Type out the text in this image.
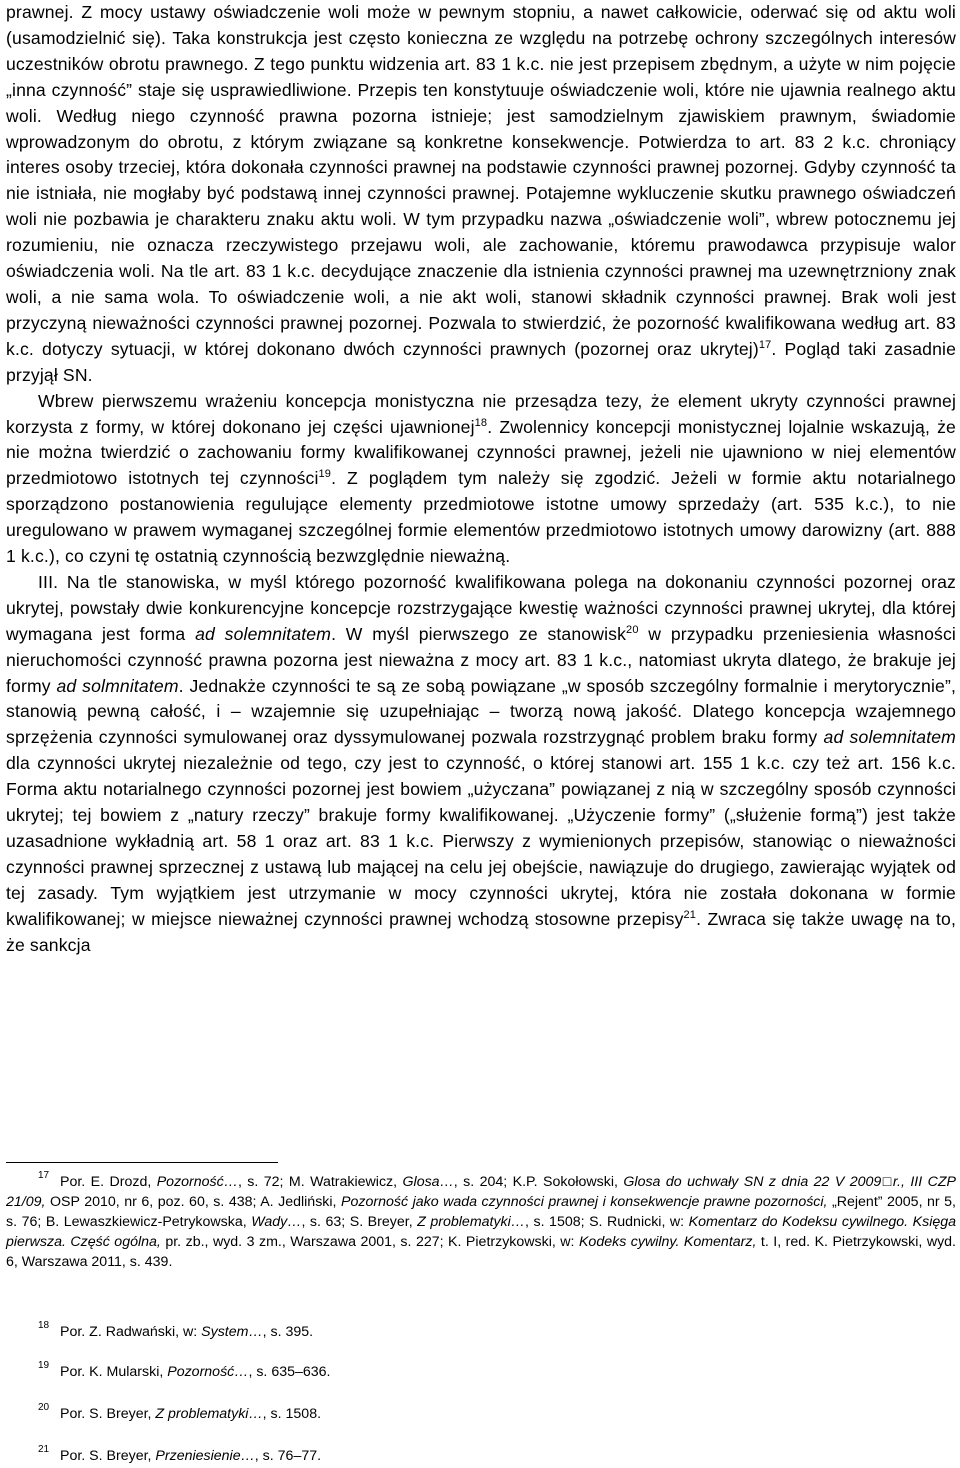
prawnej. Z mocy ustawy oświadczenie woli może w pewnym stopniu, a nawet całkowicie, oderwać się od aktu woli (usamodzielnić się). Taka konstrukcja jest często konieczna ze względu na potrzebę ochrony szczególnych interesów uczestników obrotu prawnego. Z tego punktu widzenia art. 83 1 k.c. nie jest przepisem zbędnym, a użyte w nim pojęcie „inna czynność” staje się usprawiedliwione. Przepis ten konstytuuje oświadczenie woli, które nie ujawnia realnego aktu woli. Według niego czynność prawna pozorna istnieje; jest samodzielnym zjawiskiem prawnym, świadomie wprowadzonym do obrotu, z którym związane są konkretne konsekwencje. Potwierdza to art. 83 2 k.c. chroniący interes osoby trzeciej, która dokonała czynności prawnej na podstawie czynności prawnej pozornej. Gdyby czynność ta nie istniała, nie mogłaby być podstawą innej czynności prawnej. Potajemne wykluczenie skutku prawnego oświadczeń woli nie pozbawia je charakteru znaku aktu woli. W tym przypadku nazwa „oświadczenie woli”, wbrew potocznemu jej rozumieniu, nie oznacza rzeczywistego przejawu woli, ale zachowanie, któremu prawodawca przypisuje walor oświadczenia woli. Na tle art. 83 1 k.c. decydujące znaczenie dla istnienia czynności prawnej ma uzewnętrzniony znak woli, a nie sama wola. To oświadczenie woli, a nie akt woli, stanowi składnik czynności prawnej. Brak woli jest przyczyną nieważności czynności prawnej pozornej. Pozwala to stwierdzić, że pozorność kwalifikowana według art. 83 k.c. dotyczy sytuacji, w której dokonano dwóch czynności prawnych (pozornej oraz ukrytej)$^{17}$. Pogląd taki zasadnie przyjął SN.

Wbrew pierwszemu wrażeniu koncepcja monistyczna nie przesądza tezy, że element ukryty czynności prawnej korzysta z formy, w której dokonano jej części ujawnionej$^{18}$. Zwolennicy koncepcji monistycznej lojalnie wskazują, że nie można twierdzić o zachowaniu formy kwalifikowanej czynności prawnej, jeżeli nie ujawniono w niej elementów przedmiotowo istotnych tej czynności$^{19}$. Z poglądem tym należy się zgodzić. Jeżeli w formie aktu notarialnego sporządzono postanowienia regulujące elementy przedmiotowe istotne umowy sprzedaży (art. 535 k.c.), to nie uregulowano w prawem wymaganej szczególnej formie elementów przedmiotowo istotnych umowy darowizny (art. 888 1 k.c.), co czyni tę ostatnią czynnością bezwzględnie nieważną.

III. Na tle stanowiska, w myśl którego pozorność kwalifikowana polega na dokonaniu czynności pozornej oraz ukrytej, powstały dwie konkurencyjne koncepcje rozstrzygające kwestię ważności czynności prawnej ukrytej, dla której wymagana jest forma ad solemnitatem. W myśl pierwszego ze stanowisk$^{20}$ w przypadku przeniesienia własności nieruchomości czynność prawna pozorna jest nieważna z mocy art. 83 1 k.c., natomiast ukryta dlatego, że brakuje jej formy ad solmnitatem. Jednakże czynności te są ze sobą powiązane „w sposób szczególny formalnie i merytorycznie”, stanowią pewną całość, i – wzajemnie się uzupełniając – tworzą nową jakość. Dlatego koncepcja wzajemnego sprzężenia czynności symulowanej oraz dyssymulowanej pozwala rozstrzygnąć problem braku formy ad solemnitatem dla czynności ukrytej niezależnie od tego, czy jest to czynność, o której stanowi art. 155 1 k.c. czy też art. 156 k.c. Forma aktu notarialnego czynności pozornej jest bowiem „użyczana” powiązanej z nią w szczególny sposób czynności ukrytej; tej bowiem z „natury rzeczy” brakuje formy kwalifikowanej. „Użyczenie formy” („służenie formą”) jest także uzasadnione wykładnią art. 58 1 oraz art. 83 1 k.c. Pierwszy z wymienionych przepisów, stanowiąc o nieważności czynności prawnej sprzecznej z ustawą lub mającej na celu jej obejście, nawiązuje do drugiego, zawierając wyjątek od tej zasady. Tym wyjątkiem jest utrzymanie w mocy czynności ukrytej, która nie została dokonana w formie kwalifikowanej; w miejsce nieważnej czynności prawnej wchodzą stosowne przepisy$^{21}$. Zwraca się także uwagę na to, że sankcja

17 Por. E. Drozd, Pozorność…, s. 72; M. Watrakiewicz, Glosa…, s. 204; K.P. Sokołowski, Glosa do uchwały SN z dnia 22 V 2009□r., III CZP 21/09, OSP 2010, nr 6, poz. 60, s. 438; A. Jedliński, Pozorność jako wada czynności prawnej i konsekwencje prawne pozorności, „Rejent” 2005, nr 5, s. 76; B. Lewaszkiewicz-Petrykowska, Wady…, s. 63; S. Breyer, Z problematyki…, s. 1508; S. Rudnicki, w: Komentarz do Kodeksu cywilnego. Księga pierwsza. Część ogólna, pr. zb., wyd. 3 zm., Warszawa 2001, s. 227; K. Pietrzykowski, w: Kodeks cywilny. Komentarz, t. I, red. K. Pietrzykowski, wyd. 6, Warszawa 2011, s. 439.
18 Por. Z. Radwański, w: System…, s. 395.
19 Por. K. Mularski, Pozorność…, s. 635–636.
20 Por. S. Breyer, Z problematyki…, s. 1508.
21 Por. S. Breyer, Przeniesienie…, s. 76–77.
